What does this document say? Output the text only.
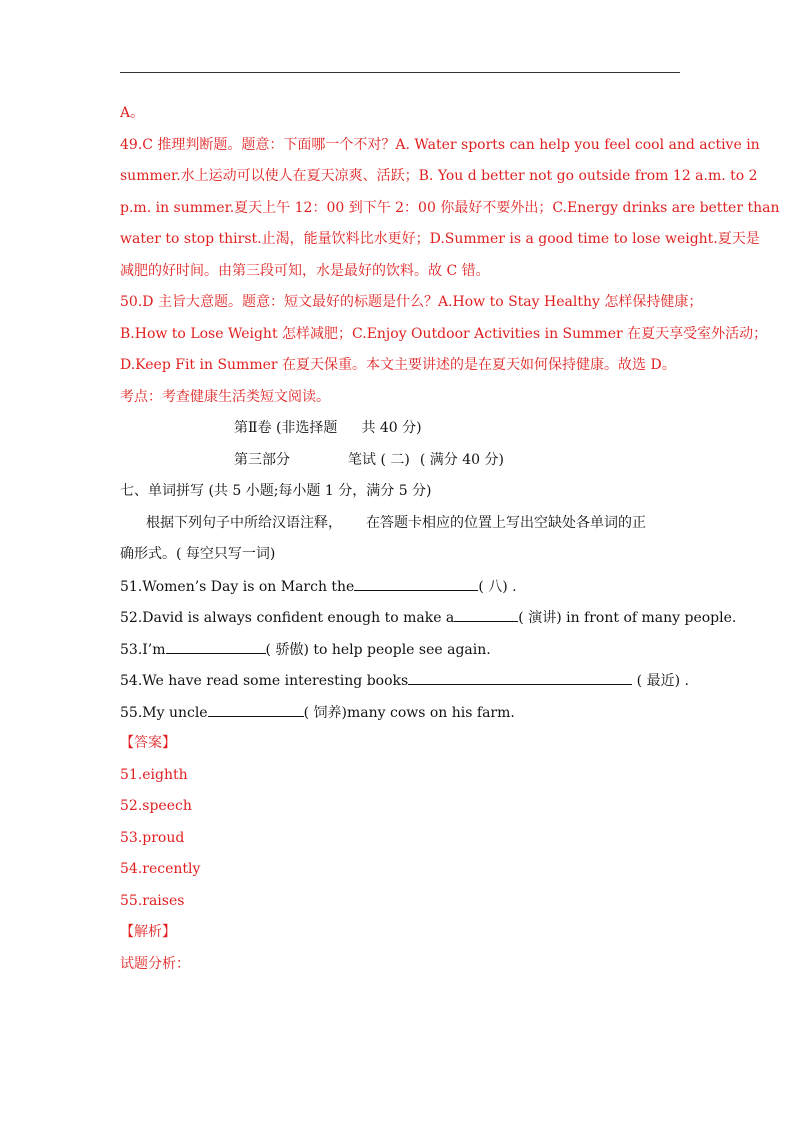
A。
49.C 推理判断题。题意：下面哪一个不对？A. Water sports can help you feel cool and active in
summer.水上运动可以使人在夏天凉爽、活跃；B. You d better not go outside from 12 a.m. to 2
p.m. in summer.夏天上午 12：00 到下午 2：00 你最好不要外出；C.Energy drinks are better than
water to stop thirst.止渴，能量饮料比水更好；D.Summer is a good time to lose weight.夏天是
减肥的好时间。由第三段可知，水是最好的饮料。故 C 错。
50.D 主旨大意题。题意：短文最好的标题是什么？A.How to Stay Healthy 怎样保持健康；
B.How to Lose Weight 怎样减肥；C.Enjoy Outdoor Activities in Summer 在夏天享受室外活动；
D.Keep Fit in Summer 在夏天保重。本文主要讲述的是在夏天如何保持健康。故选 D。
考点：考查健康生活类短文阅读。
第Ⅱ卷 (非选择题 共 40 分)
第三部分	笔试 ( 二) ( 满分 40 分)
七、单词拼写 (共 5 小题;每小题 1 分，满分 5 分)
根据下列句子中所给汉语注释， 在答题卡相应的位置上写出空缺处各单词的正
确形式。( 每空只写一词)
51.Women’s Day is on March the	( 八) .
52.David is always confident enough to make a	( 演讲) in front of many people.
53.I’m	( 骄傲) to help people see again.
54.We have read some interesting books	( 最近) .
55.My uncle	( 饲养)many cows on his farm.
【答案】
51.eighth
52.speech
53.proud
54.recently
55.raises
【解析】
试题分析：
